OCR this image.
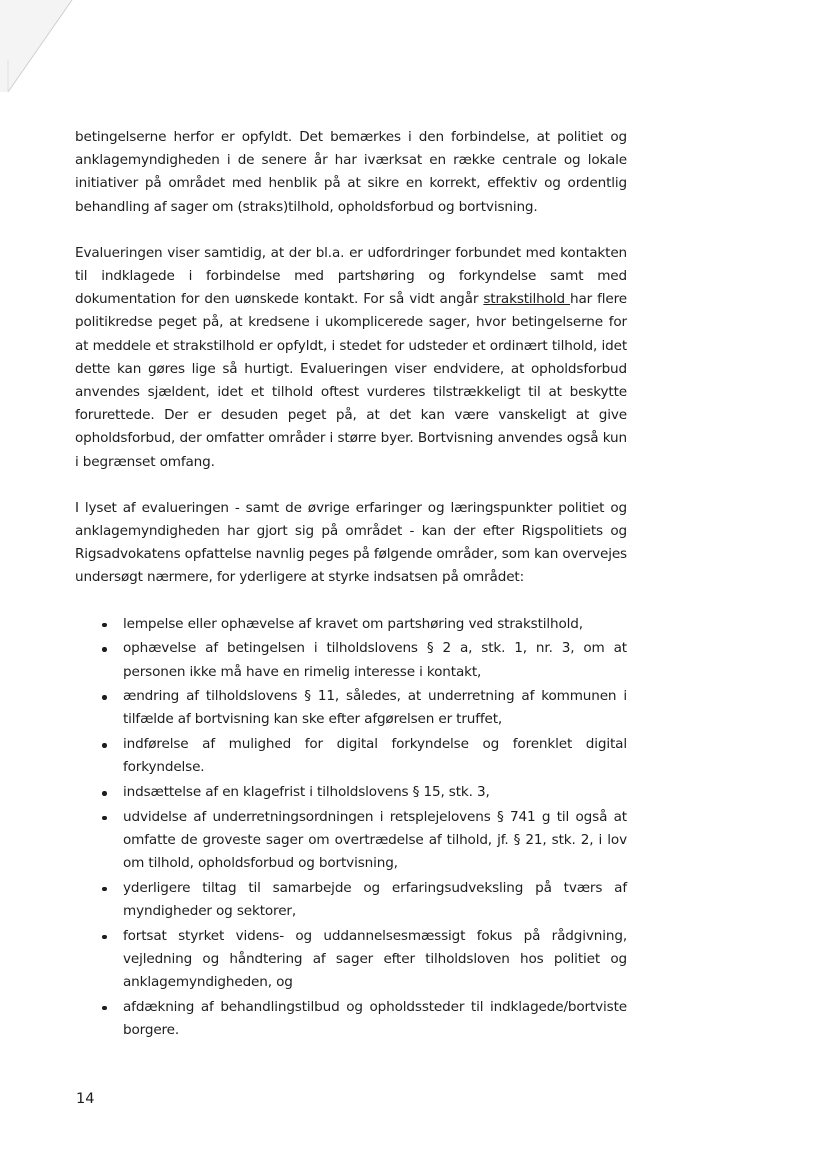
betingelserne herfor er opfyldt. Det bemærkes i den forbindelse, at politiet og anklagemyndigheden i de senere år har iværksat en række centrale og lokale initiativer på området med henblik på at sikre en korrekt, effektiv og ordentlig behandling af sager om (straks)tilhold, opholdsforbud og bortvisning.

Evalueringen viser samtidig, at der bl.a. er udfordringer forbundet med kontakten til indklagede i forbindelse med partshøring og forkyndelse samt med dokumentation for den uønskede kontakt. For så vidt angår strakstilhold har flere politikredse peget på, at kredsene i ukomplicerede sager, hvor betingelserne for at meddele et strakstilhold er opfyldt, i stedet for udsteder et ordinært tilhold, idet dette kan gøres lige så hurtigt. Evalueringen viser endvidere, at opholdsforbud anvendes sjældent, idet et tilhold oftest vurderes tilstrækkeligt til at beskytte forurettede. Der er desuden peget på, at det kan være vanskeligt at give opholdsforbud, der omfatter områder i større byer. Bortvisning anvendes også kun i begrænset omfang.

I lyset af evalueringen - samt de øvrige erfaringer og læringspunkter politiet og anklagemyndigheden har gjort sig på området - kan der efter Rigspolitiets og Rigsadvokatens opfattelse navnlig peges på følgende områder, som kan overvejes undersøgt nærmere, for yderligere at styrke indsatsen på området:

lempelse eller ophævelse af kravet om partshøring ved strakstilhold,
ophævelse af betingelsen i tilholdslovens § 2 a, stk. 1, nr. 3, om at personen ikke må have en rimelig interesse i kontakt,
ændring af tilholdslovens § 11, således, at underretning af kommunen i tilfælde af bortvisning kan ske efter afgørelsen er truffet,
indførelse af mulighed for digital forkyndelse og forenklet digital forkyndelse.
indsættelse af en klagefrist i tilholdslovens § 15, stk. 3,
udvidelse af underretningsordningen i retsplejelovens § 741 g til også at omfatte de groveste sager om overtrædelse af tilhold, jf. § 21, stk. 2, i lov om tilhold, opholdsforbud og bortvisning,
yderligere tiltag til samarbejde og erfaringsudveksling på tværs af myndigheder og sektorer,
fortsat styrket videns- og uddannelsesmæssigt fokus på rådgivning, vejledning og håndtering af sager efter tilholdsloven hos politiet og anklagemyndigheden, og
afdækning af behandlingstilbud og opholdssteder til indklagede/bortviste borgere.
14
